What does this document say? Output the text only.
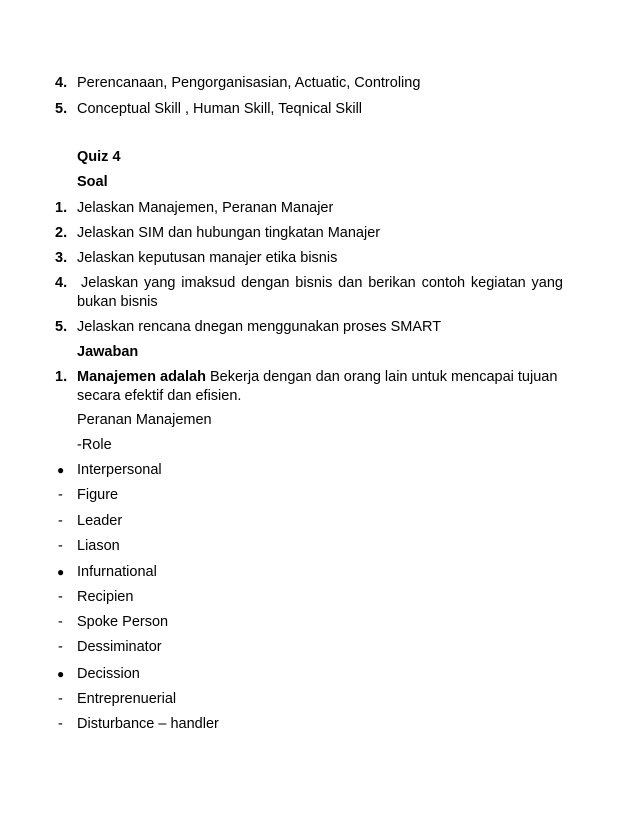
4. Perencanaan, Pengorganisasian, Actuatic, Controling
5. Conceptual Skill , Human Skill, Teqnical Skill
Quiz 4
Soal
1. Jelaskan Manajemen, Peranan Manajer
2. Jelaskan SIM dan hubungan tingkatan Manajer
3. Jelaskan keputusan manajer etika bisnis
4. Jelaskan yang imaksud dengan bisnis dan berikan contoh kegiatan yang
bukan bisnis
5. Jelaskan rencana dnegan menggunakan proses SMART
Jawaban
1. Manajemen adalah Bekerja dengan dan orang lain untuk mencapai tujuan
secara efektif dan efisien.
Peranan Manajemen
-Role
● Interpersonal
- Figure
- Leader
- Liason
● Infurnational
- Recipien
- Spoke Person
- Dessiminator
● Decission
- Entreprenuerial
- Disturbance – handler
